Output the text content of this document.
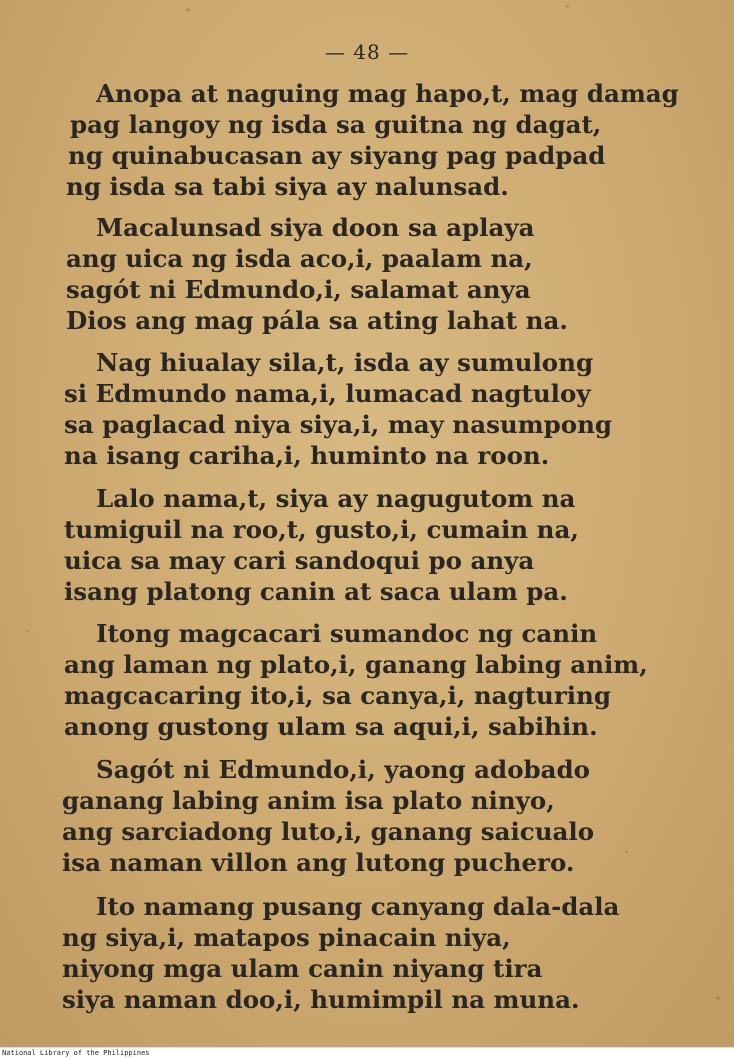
— 48 —
Anopa at naguing mag hapo,t, mag damag
pag langoy ng isda sa guitna ng dagat,
ng quinabucasan ay siyang pag padpad
ng isda sa tabi siya ay nalunsad.
Macalunsad siya doon sa aplaya
ang uica ng isda aco,i, paalam na,
sagót ni Edmundo,i, salamat anya
Dios ang mag pála sa ating lahat na.
Nag hiualay sila,t, isda ay sumulong
si Edmundo nama,i, lumacad nagtuloy
sa paglacad niya siya,i, may nasumpong
na isang cariha,i, huminto na roon.
Lalo nama,t, siya ay nagugutom na
tumiguil na roo,t, gusto,i, cumain na,
uica sa may cari sandoqui po anya
isang platong canin at saca ulam pa.
Itong magcacari sumandoc ng canin
ang laman ng plato,i, ganang labing anim,
magcacaring ito,i, sa canya,i, nagturing
anong gustong ulam sa aqui,i, sabihin.
Sagót ni Edmundo,i, yaong adobado
ganang labing anim isa plato ninyo,
ang sarciadong luto,i, ganang saicualo
isa naman villon ang lutong puchero.
Ito namang pusang canyang dala-dala
ng siya,i, matapos pinacain niya,
niyong mga ulam canin niyang tira
siya naman doo,i, humimpil na muna.
National Library of the Philippines
